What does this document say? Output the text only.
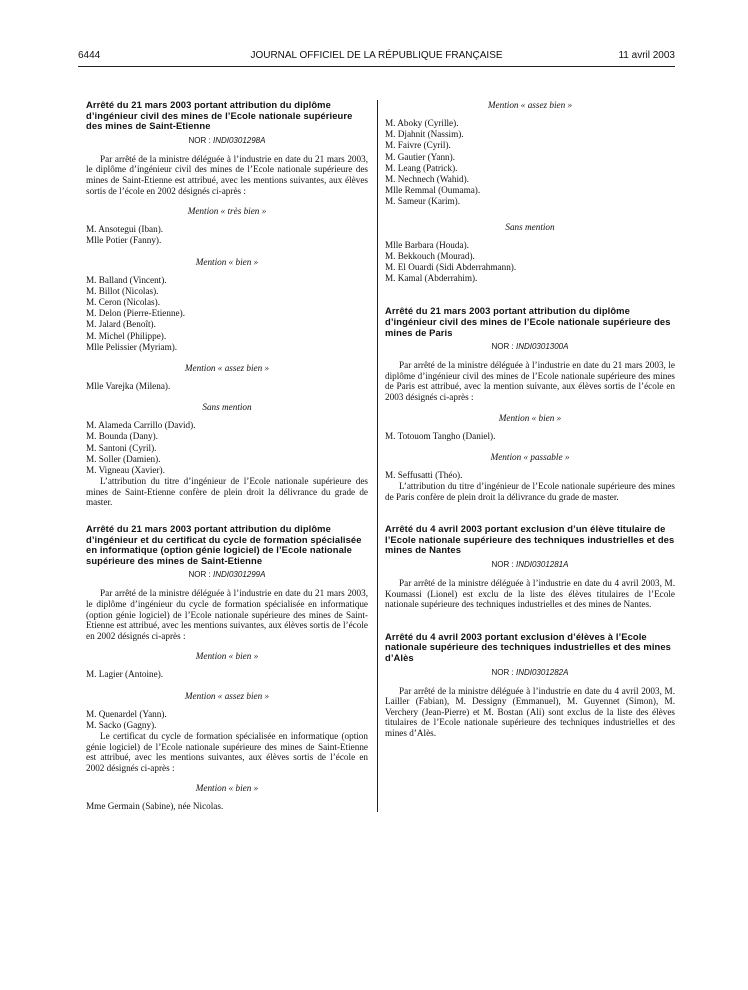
6444	JOURNAL OFFICIEL DE LA RÉPUBLIQUE FRANÇAISE	11 avril 2003
Arrêté du 21 mars 2003 portant attribution du diplôme d’ingénieur civil des mines de l’Ecole nationale supérieure des mines de Saint-Etienne
NOR : INDI0301298A

Par arrêté de la ministre déléguée à l’industrie en date du 21 mars 2003, le diplôme d’ingénieur civil des mines de l’Ecole nationale supérieure des mines de Saint-Etienne est attribué, avec les mentions suivantes, aux élèves sortis de l’école en 2002 désignés ci-après :

Mention « très bien »
M. Ansotegui (Iban).
Mlle Potier (Fanny).
Mention « bien »
M. Balland (Vincent).
M. Billot (Nicolas).
M. Ceron (Nicolas).
M. Delon (Pierre-Etienne).
M. Jalard (Benoît).
M. Michel (Philippe).
Mlle Pelissier (Myriam).
Mention « assez bien »
Mlle Varejka (Milena).
Sans mention
M. Alameda Carrillo (David).
M. Bounda (Dany).
M. Santoni (Cyril).
M. Soller (Damien).
M. Vigneau (Xavier).

L’attribution du titre d’ingénieur de l’Ecole nationale supérieure des mines de Saint-Etienne confère de plein droit la délivrance du grade de master.

Arrêté du 21 mars 2003 portant attribution du diplôme d’ingénieur et du certificat du cycle de formation spécialisée en informatique (option génie logiciel) de l’Ecole nationale supérieure des mines de Saint-Etienne
NOR : INDI0301299A

Par arrêté de la ministre déléguée à l’industrie en date du 21 mars 2003, le diplôme d’ingénieur du cycle de formation spécialisée en informatique (option génie logiciel) de l’Ecole nationale supérieure des mines de Saint-Etienne est attribué, avec les mentions suivantes, aux élèves sortis de l’école en 2002 désignés ci-après :

Mention « bien »
M. Lagier (Antoine).
Mention « assez bien »
M. Quenardel (Yann).
M. Sacko (Gagny).

Le certificat du cycle de formation spécialisée en informatique (option génie logiciel) de l’Ecole nationale supérieure des mines de Saint-Etienne est attribué, avec les mentions suivantes, aux élèves sortis de l’école en 2002 désignés ci-après :

Mention « bien »
Mme Germain (Sabine), née Nicolas.
Mention « assez bien »
M. Aboky (Cyrille).
M. Djahnit (Nassim).
M. Faivre (Cyril).
M. Gautier (Yann).
M. Leang (Patrick).
M. Nechnech (Wahid).
Mlle Remmal (Oumama).
M. Sameur (Karim).
Sans mention
Mlle Barbara (Houda).
M. Bekkouch (Mourad).
M. El Ouardi (Sidi Abderrahmann).
M. Kamal (Abderrahim).
Arrêté du 21 mars 2003 portant attribution du diplôme d’ingénieur civil des mines de l’Ecole nationale supérieure des mines de Paris
NOR : INDI0301300A

Par arrêté de la ministre déléguée à l’industrie en date du 21 mars 2003, le diplôme d’ingénieur civil des mines de l’Ecole nationale supérieure des mines de Paris est attribué, avec la mention suivante, aux élèves sortis de l’école en 2003 désignés ci-après :

Mention « bien »
M. Totouom Tangho (Daniel).
Mention « passable »
M. Seffusatti (Théo).

L’attribution du titre d’ingénieur de l’Ecole nationale supérieure des mines de Paris confère de plein droit la délivrance du grade de master.

Arrêté du 4 avril 2003 portant exclusion d’un élève titulaire de l’Ecole nationale supérieure des techniques industrielles et des mines de Nantes
NOR : INDI0301281A

Par arrêté de la ministre déléguée à l’industrie en date du 4 avril 2003, M. Koumassi (Lionel) est exclu de la liste des élèves titulaires de l’Ecole nationale supérieure des techniques industrielles et des mines de Nantes.

Arrêté du 4 avril 2003 portant exclusion d’élèves à l’Ecole nationale supérieure des techniques industrielles et des mines d’Alès
NOR : INDI0301282A

Par arrêté de la ministre déléguée à l’industrie en date du 4 avril 2003, M. Lailler (Fabian), M. Dessigny (Emmanuel), M. Guyennet (Simon), M. Verchery (Jean-Pierre) et M. Bostan (Ali) sont exclus de la liste des élèves titulaires de l’Ecole nationale supérieure des techniques industrielles et des mines d’Alès.
